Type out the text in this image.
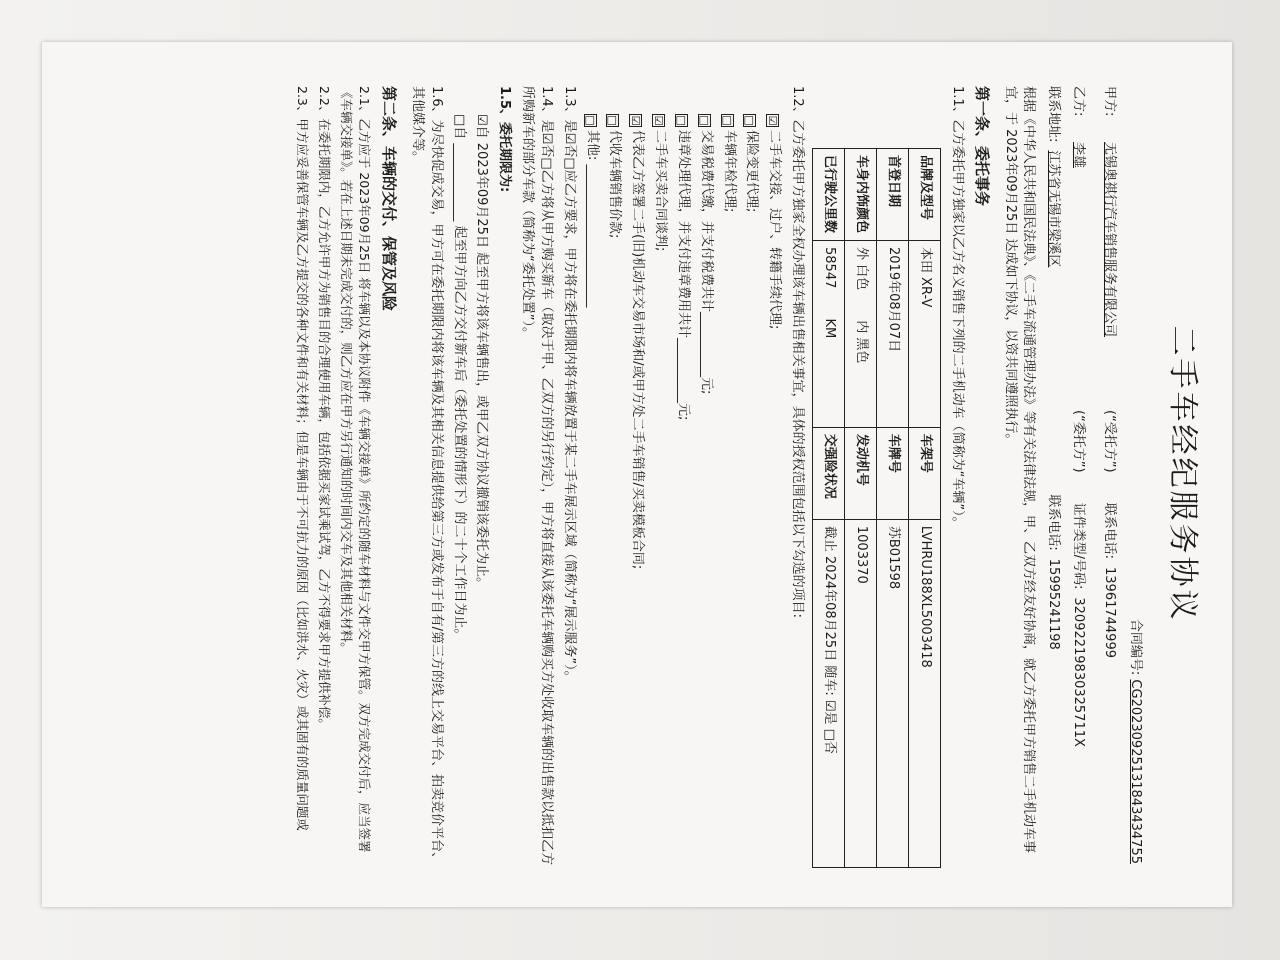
二手车经纪服务协议
合同编号: CG20230925131843434755
甲方:
无锡奥祺行汽车销售服务有限公司
(“受托方”)
联系电话:
13961744999
乙方:
李雄
(“委托方”)
证件类型/号码:
320922198303257​11X
联系地址:
江苏省无锡市梁溪区
联系电话:
15995241198
根据《中华人民共和国民法典》、《二手车流通管理办法》等有关法律法规，甲、乙双方经友好协商，就乙方委托甲方销售二手机动车事宜，于 2023年09月25日 达成如下协议，以资共同遵照执行。
第一条、委托事务
1.1、乙方委托甲方独家以乙方名义销售下列的二手机动车（简称为“车辆”）。
品牌及型号	本田 XR-V	车架号	LVHRU188XL5003418
首登日期	2019年08月07日	车牌号	苏B01598
车身内饰颜色	外 白色 　　内 黑色	发动机号	1003370
已行驶公里数	58547 　　KM	交强险状况	截止 2024年08月25日 随车: ☑是 □否
1.2、乙方委托甲方独家全权办理该车辆出售相关事宜，具体的授权范围包括以下勾选的项目:
☑二手车交接、过户、转籍手续代理;
□保险变更代理;
□车辆年检代理;
□交易税费代缴，并支付税费共计__________元;
□违章处理代理，并支付违章费用共计__________元;
☑二手车买卖合同谈判;
☑代表乙方签署二手(旧)机动车交易市场和/或甲方处二手车销售/买卖模板合同;
□代收车辆销售价款;
□其他: ______________________
1.3、是☑否□应乙方要求，甲方将在委托期限内将车辆放置于某二手车展示区域（简称为“展示服务”）。
1.4、是☑否□乙方将从甲方购买新车（取决于甲、乙双方的另行约定），甲方将直接从该委托车辆购买方处收取车辆的出售款以抵扣乙方所购新车的部分车款（简称为“委托处置”）。
1.5、委托期限为:
☑自 2023年09月25日 起至甲方将该车辆售出，或甲乙双方协议撤销该委托为止。
□自 ____________ 起至甲方向乙方交付新车后（委托处置的情形下）的二十个工作日为止。
1.6、为尽快促成交易，甲方可在委托期限内将该车辆及其相关信息提供给第三方或发布于自有/第三方的线上交易平台、拍卖竞价平台、其他媒介等。
第二条、车辆的交付、保管及风险
2.1、乙方应于 2023年09月25日 将车辆以及本协议附件《车辆交接单》所约定的随车材料与文件交甲方保管。双方完成交付后，应当签署《车辆交接单》。若在上述日期未完成交付的，则乙方应在甲方另行通知的时间内交车及其他相关材料。
2.2、在委托期限内，乙方允许甲方为销售目的合理使用车辆，包括依据买家试乘试驾，乙方不得要求甲方提供补偿。
2.3、甲方应妥善保管车辆及乙方提交的各种文件和有关材料；但是车辆由于不可抗力的原因（比如洪水、火灾）或其固有的质量问题或
